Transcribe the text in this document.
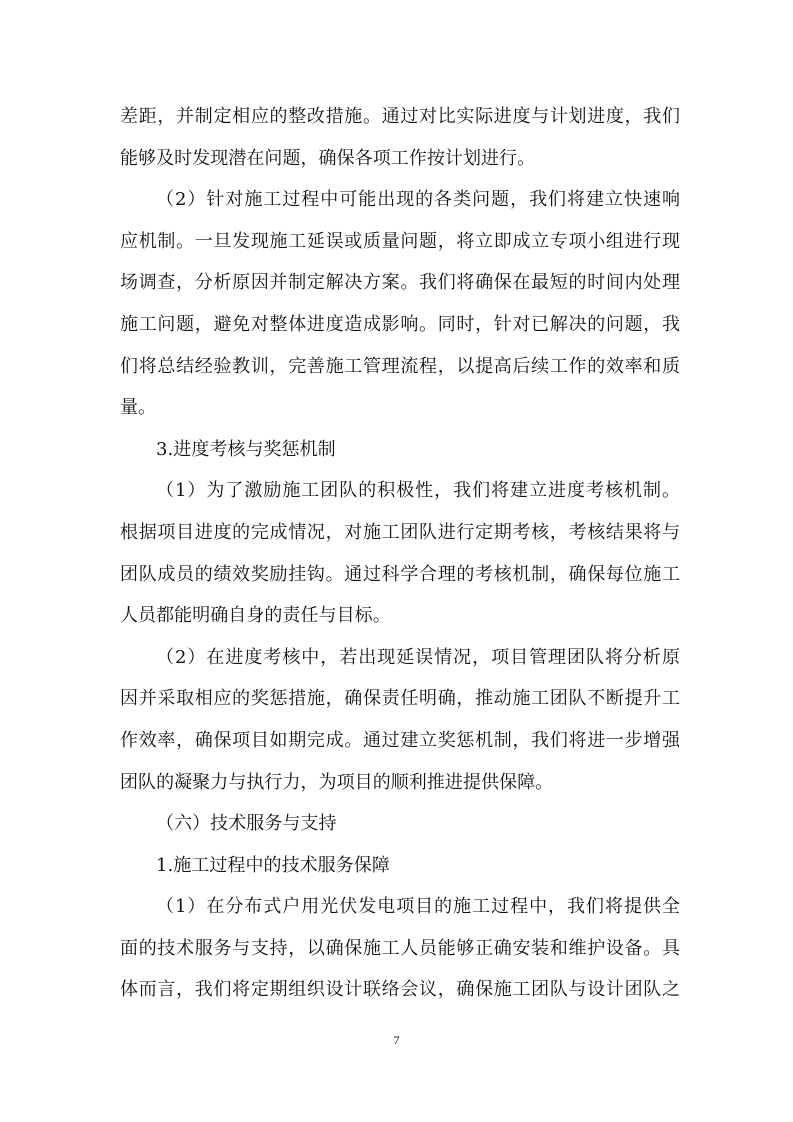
差距，并制定相应的整改措施。通过对比实际进度与计划进度，我们
能够及时发现潜在问题，确保各项工作按计划进行。
（2）针对施工过程中可能出现的各类问题，我们将建立快速响
应机制。一旦发现施工延误或质量问题，将立即成立专项小组进行现
场调查，分析原因并制定解决方案。我们将确保在最短的时间内处理
施工问题，避免对整体进度造成影响。同时，针对已解决的问题，我
们将总结经验教训，完善施工管理流程，以提高后续工作的效率和质
量。
3.进度考核与奖惩机制
（1）为了激励施工团队的积极性，我们将建立进度考核机制。
根据项目进度的完成情况，对施工团队进行定期考核，考核结果将与
团队成员的绩效奖励挂钩。通过科学合理的考核机制，确保每位施工
人员都能明确自身的责任与目标。
（2）在进度考核中，若出现延误情况，项目管理团队将分析原
因并采取相应的奖惩措施，确保责任明确，推动施工团队不断提升工
作效率，确保项目如期完成。通过建立奖惩机制，我们将进一步增强
团队的凝聚力与执行力，为项目的顺利推进提供保障。
（六）技术服务与支持
1.施工过程中的技术服务保障
（1）在分布式户用光伏发电项目的施工过程中，我们将提供全
面的技术服务与支持，以确保施工人员能够正确安装和维护设备。具
体而言，我们将定期组织设计联络会议，确保施工团队与设计团队之
7
